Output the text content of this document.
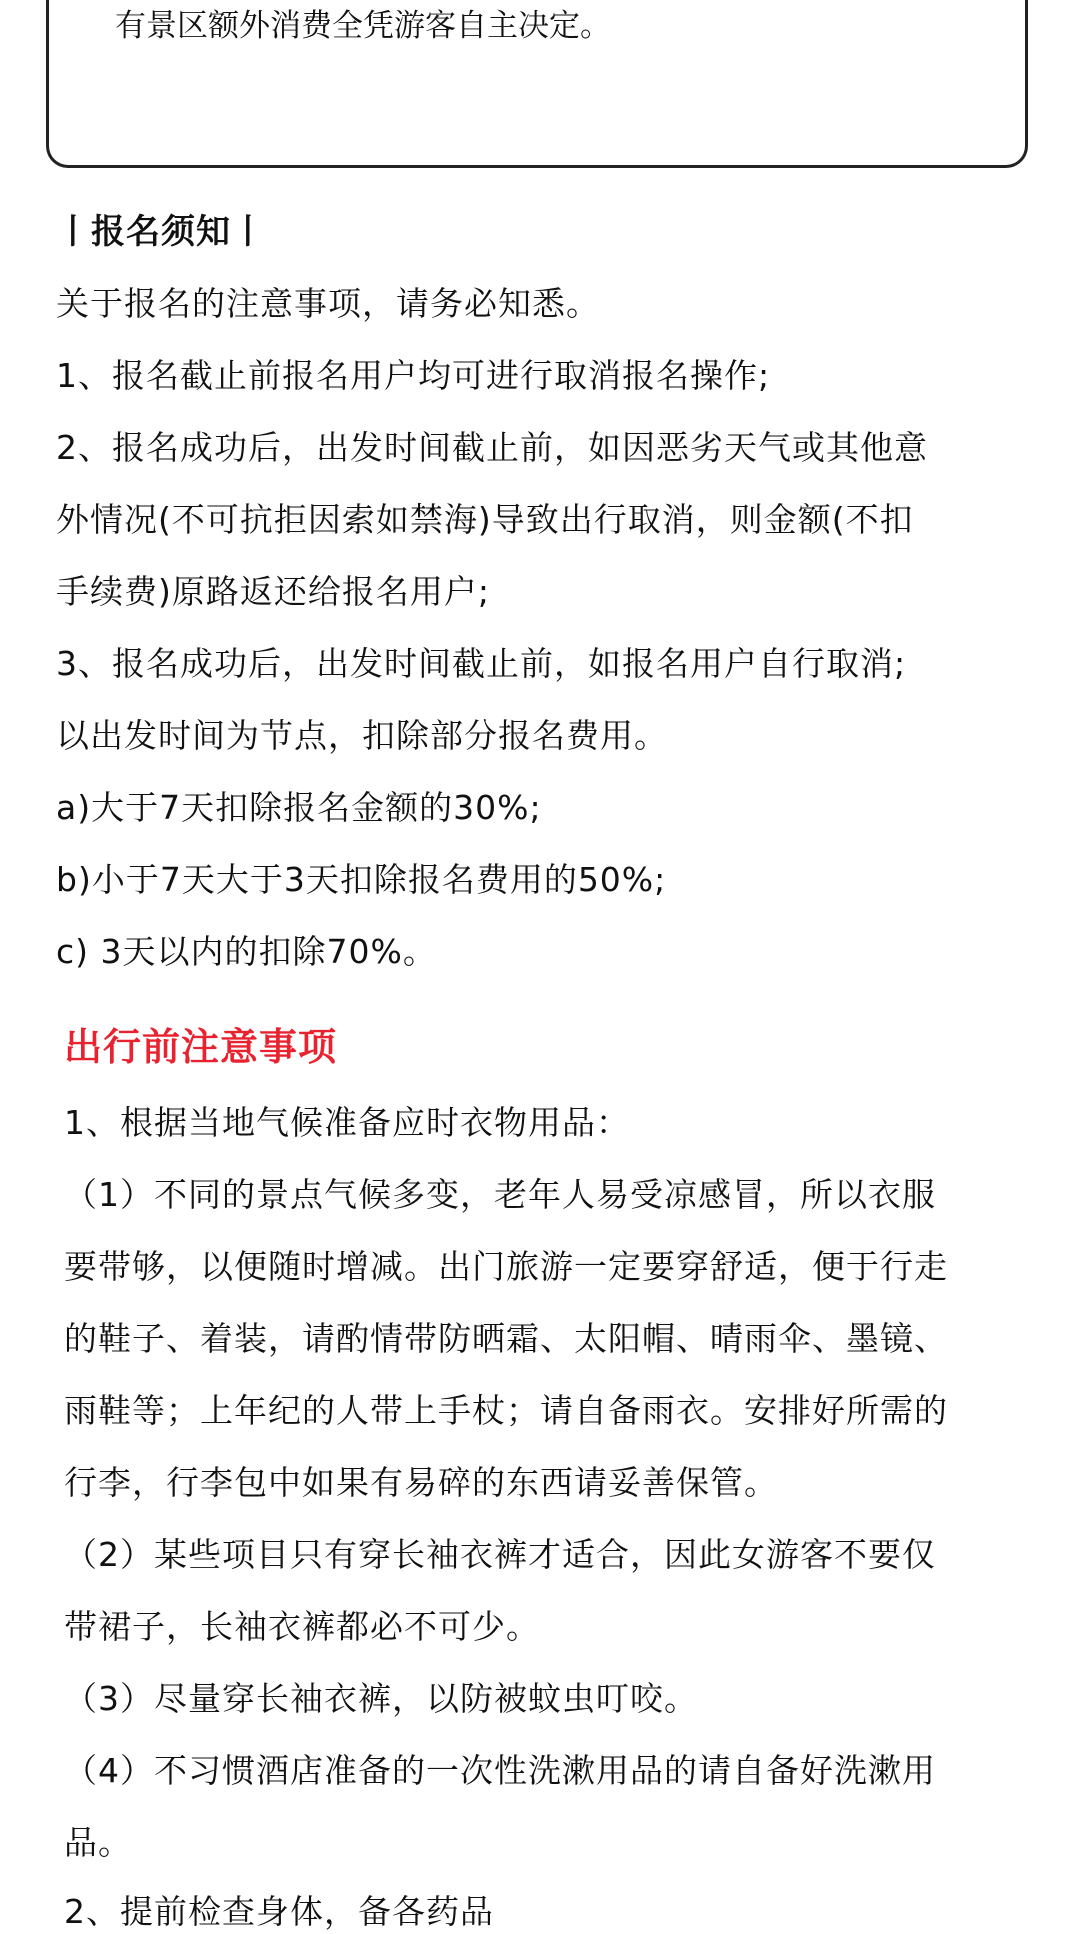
有景区额外消费全凭游客自主决定。
丨报名须知丨
关于报名的注意事项，请务必知悉。
1、报名截止前报名用户均可进行取消报名操作;
2、报名成功后，出发时间截止前，如因恶劣天气或其他意
外情况(不可抗拒因索如禁海)导致出行取消，则金额(不扣
手续费)原路返还给报名用户;
3、报名成功后，出发时间截止前，如报名用户自行取消;
以出发时间为节点，扣除部分报名费用。
a)大于7天扣除报名金额的30%;
b)小于7天大于3天扣除报名费用的50%;
c) 3天以内的扣除70%。
出行前注意事项
1、根据当地气候准备应时衣物用品：
（1）不同的景点气候多变，老年人易受凉感冒，所以衣服
要带够，以便随时增减。出门旅游一定要穿舒适，便于行走
的鞋子、着装，请酌情带防晒霜、太阳帽、晴雨伞、墨镜、
雨鞋等；上年纪的人带上手杖；请自备雨衣。安排好所需的
行李，行李包中如果有易碎的东西请妥善保管。
（2）某些项目只有穿长袖衣裤才适合，因此女游客不要仅
带裙子，长袖衣裤都必不可少。
（3）尽量穿长袖衣裤，以防被蚊虫叮咬。
（4）不习惯酒店准备的一次性洗漱用品的请自备好洗漱用
品。
2、提前检查身体，备各药品
